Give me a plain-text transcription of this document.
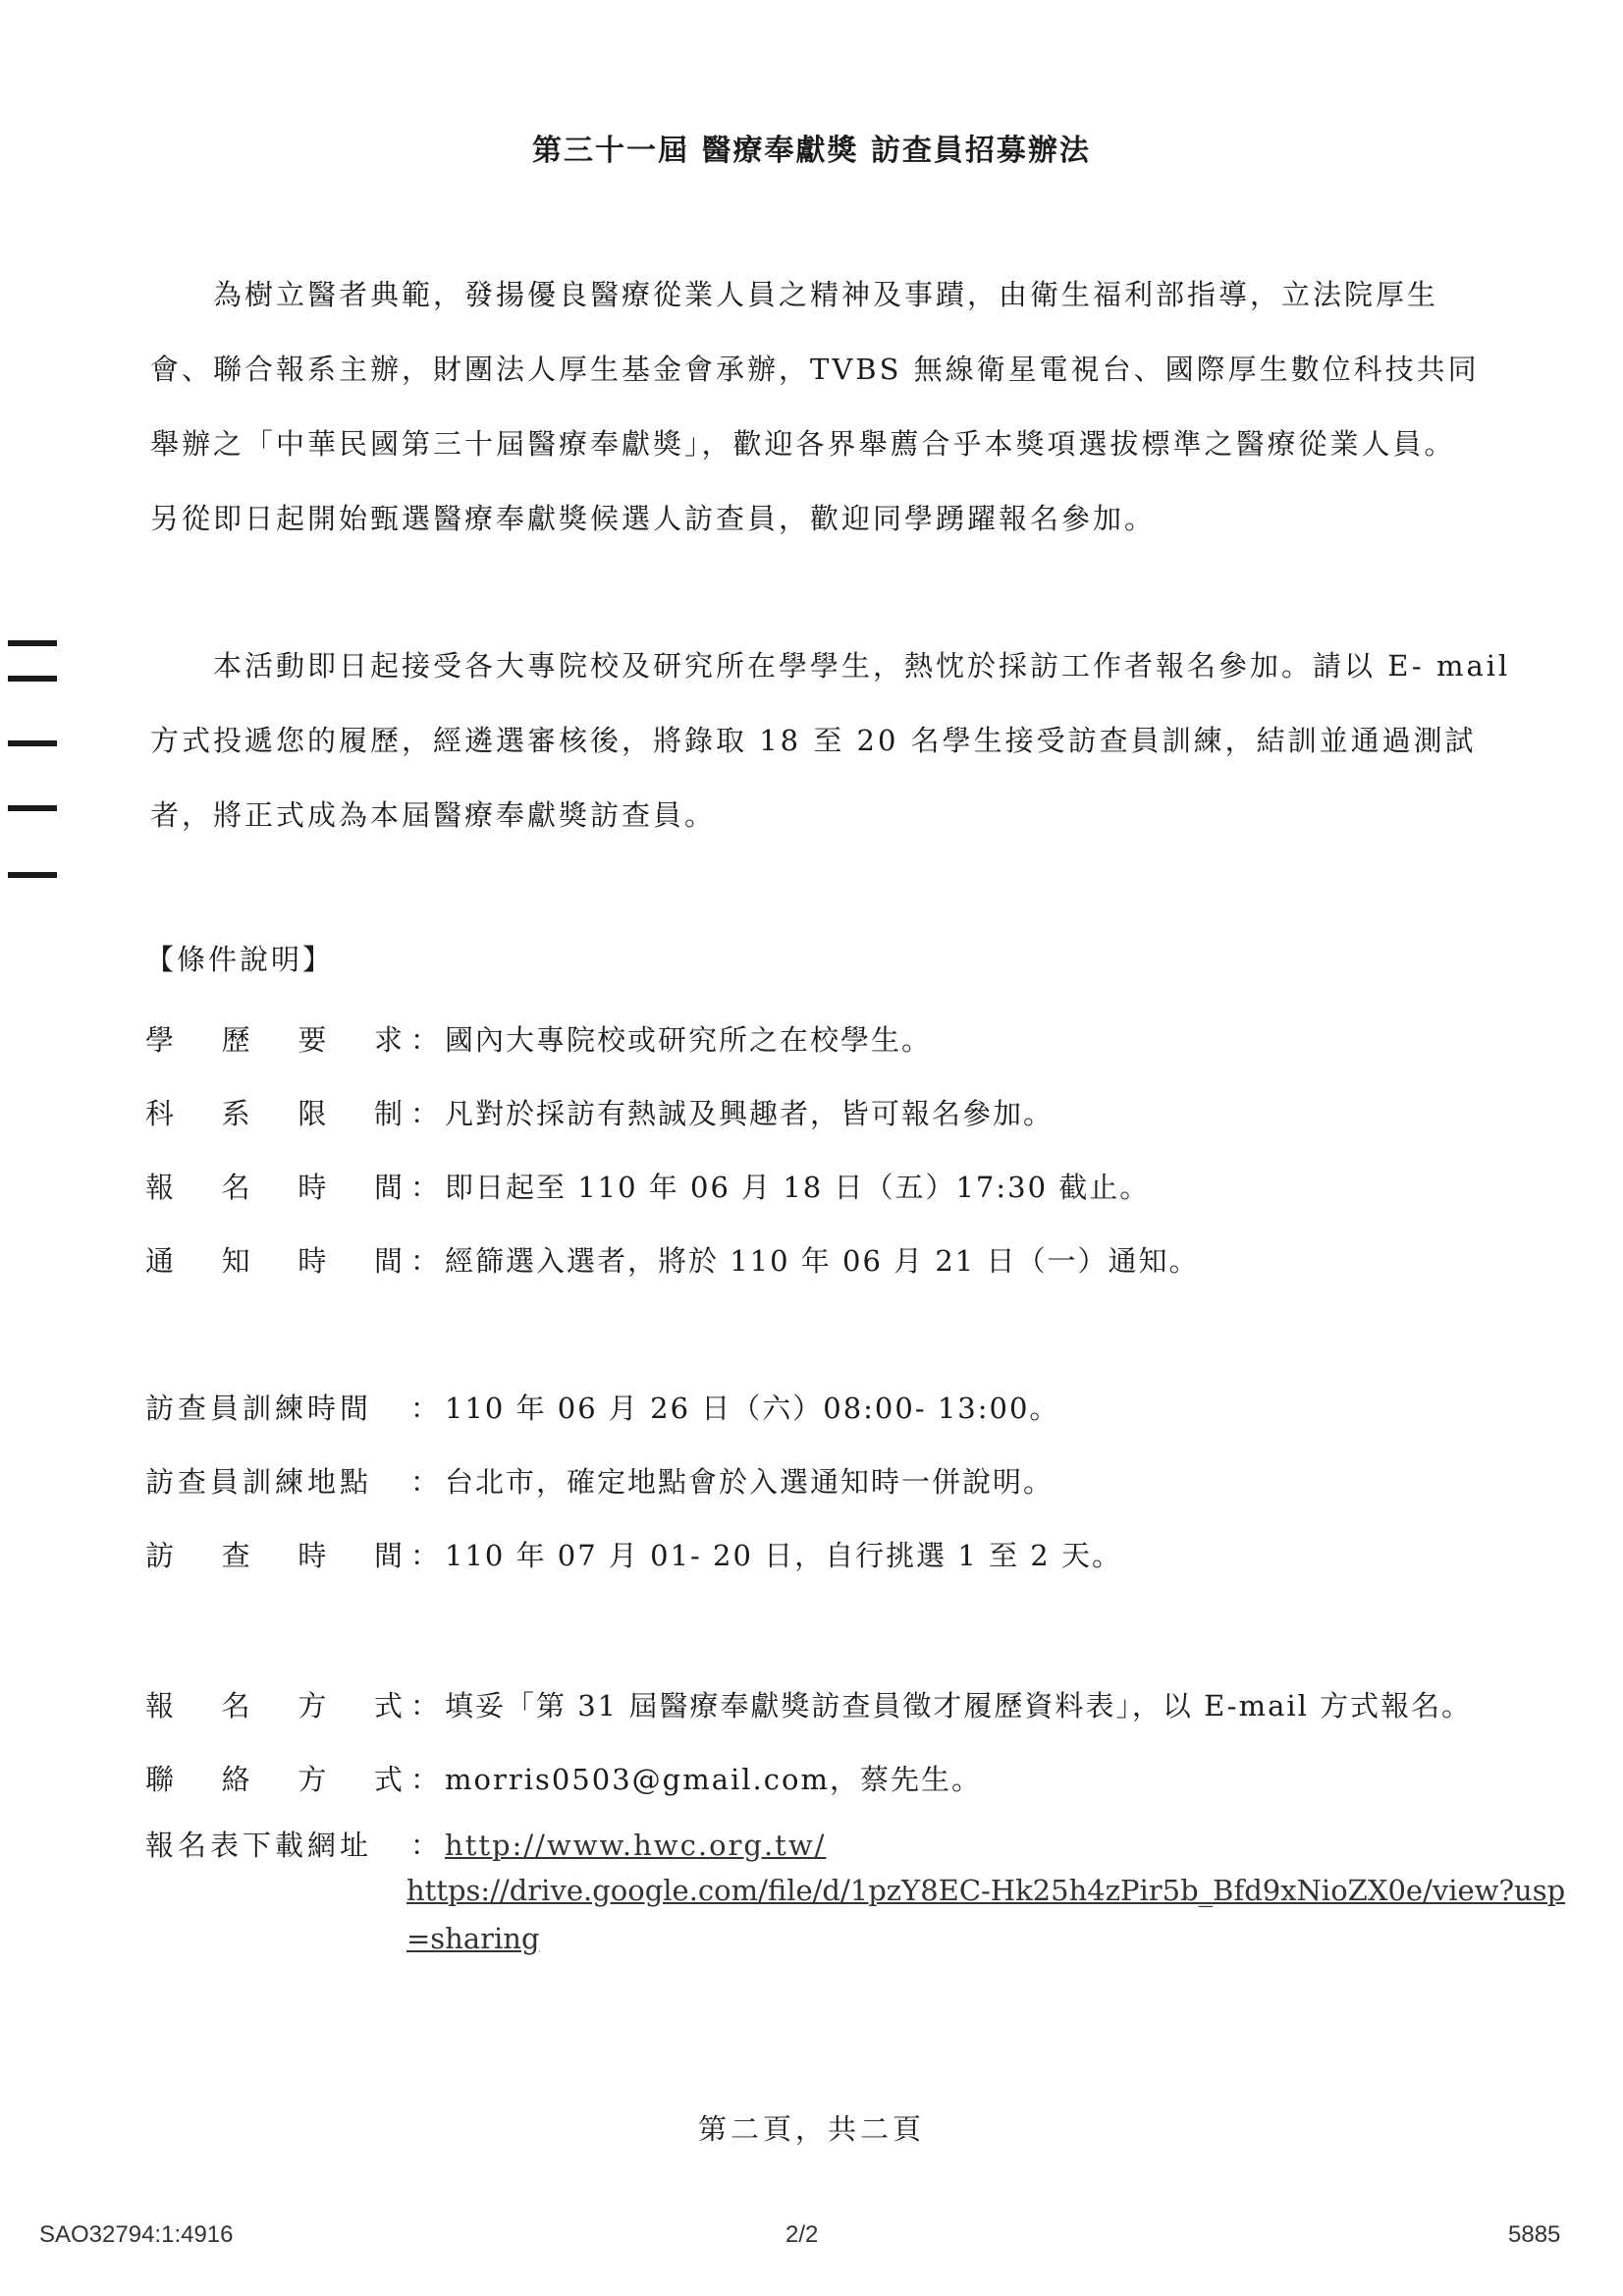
第三十一屆 醫療奉獻獎 訪查員招募辦法
為樹立醫者典範，發揚優良醫療從業人員之精神及事蹟，由衛生福利部指導，立法院厚生
會、聯合報系主辦，財團法人厚生基金會承辦，TVBS 無線衛星電視台、國際厚生數位科技共同
舉辦之「中華民國第三十屆醫療奉獻獎」，歡迎各界舉薦合乎本獎項選拔標準之醫療從業人員。
另從即日起開始甄選醫療奉獻獎候選人訪查員，歡迎同學踴躍報名參加。
本活動即日起接受各大專院校及研究所在學學生，熱忱於採訪工作者報名參加。請以 E- mail
方式投遞您的履歷，經遴選審核後，將錄取 18 至 20 名學生接受訪查員訓練，結訓並通過測試
者，將正式成為本屆醫療奉獻獎訪查員。
【條件說明】
學 歷 要 求 ： 國內大專院校或研究所之在校學生。
科 系 限 制 ： 凡對於採訪有熱誠及興趣者，皆可報名參加。
報 名 時 間 ： 即日起至 110 年 06 月 18 日（五）17:30 截止。
通 知 時 間 ： 經篩選入選者，將於 110 年 06 月 21 日（一）通知。
訪查員訓練時間	： 110 年 06 月 26 日（六）08:00- 13:00。
訪查員訓練地點	： 台北市，確定地點會於入選通知時一併說明。
訪 查 時 間 ： 110 年 07 月 01- 20 日，自行挑選 1 至 2 天。
報 名 方 式 ： 填妥「第 31 屆醫療奉獻獎訪查員徵才履歷資料表」，以 E-mail 方式報名。
聯 絡 方 式 ： morris0503@gmail.com，蔡先生。
報名表下載網址	： http://www.hwc.org.tw/
https://drive.google.com/file/d/1pzY8EC-Hk25h4zPir5b_Bfd9xNioZX0e/view?usp
=sharing
第二頁，共二頁
SAO32794:1:4916	2/2	5885
